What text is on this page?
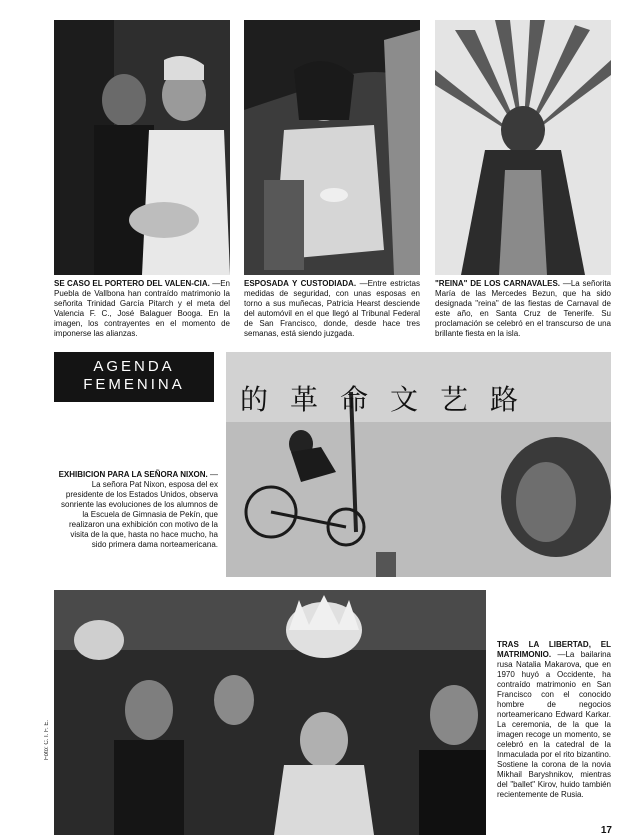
SE CASO EL PORTERO DEL VALEN-CIA. —En Puebla de Vallbona han contraído matrimonio la señorita Trinidad García Pitarch y el meta del Valencia F. C., José Balaguer Booga. En la imagen, los contrayentes en el momento de imponerse las alianzas.
ESPOSADA Y CUSTODIADA. —Entre estrictas medidas de seguridad, con unas esposas en torno a sus muñecas, Patricia Hearst desciende del automóvil en el que llegó al Tribunal Federal de San Francisco, donde, desde hace tres semanas, está siendo juzgada.
"REINA" DE LOS CARNAVALES. —La señorita María de las Mercedes Bezun, que ha sido designada "reina" de las fiestas de Carnaval de este año, en Santa Cruz de Tenerife. Su proclamación se celebró en el transcurso de una brillante fiesta en la isla.
AGENDA
FEMENINA	的革命文艺路
EXHIBICION PARA LA SEÑORA NIXON. —La señora Pat Nixon, esposa del ex presidente de los Estados Unidos, observa sonriente las evoluciones de los alumnos de la Escuela de Gimnasia de Pekín, que realizaron una exhibición con motivo de la visita de la que, hasta no hace mucho, ha sido primera dama norteamericana.
Foto: C. I. F. E.
TRAS LA LIBERTAD, EL MATRIMONIO. —La bailarina rusa Natalia Makarova, que en 1970 huyó a Occidente, ha contraído matrimonio en San Francisco con el conocido hombre de negocios norteamericano Edward Karkar. La ceremonia, de la que la imagen recoge un momento, se celebró en la catedral de la Inmaculada por el rito bizantino. Sostiene la corona de la novia Mikhail Baryshnikov, mientras del "ballet" Kirov, huido también recientemente de Rusia.
17
